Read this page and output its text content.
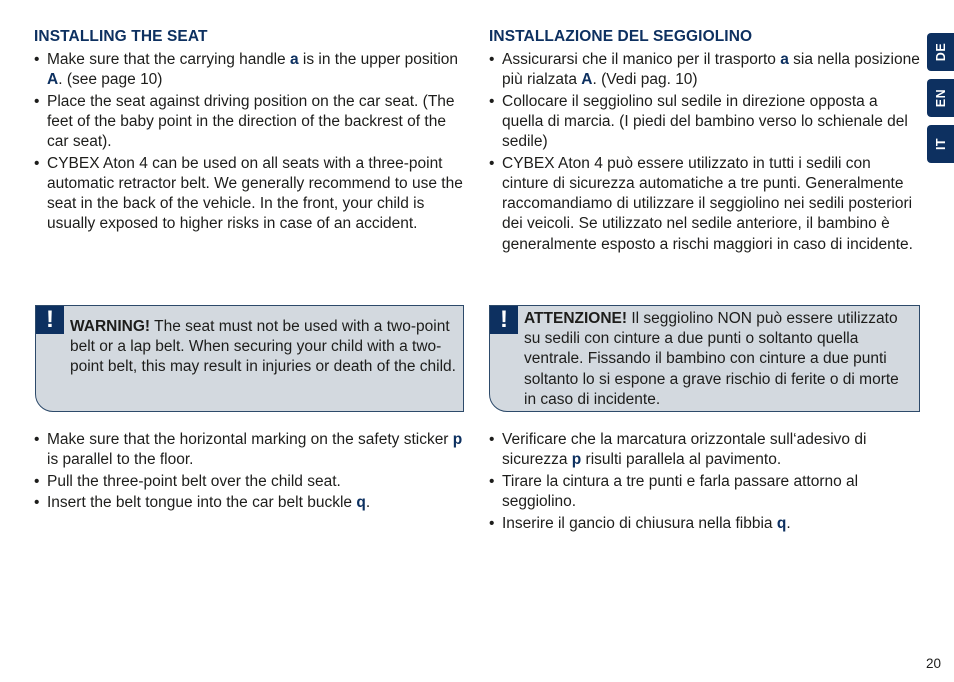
INSTALLING THE SEAT
• Make sure that the carrying handle a is in the upper position A. (see page 10)
• Place the seat against driving position on the car seat. (The feet of the baby point in the direction of the backrest of the car seat).
• CYBEX Aton 4 can be used on all seats with a three-point automatic retractor belt. We generally recommend to use the seat in the back of the vehicle. In the front, your child is usually exposed to higher risks in case of an accident.
!	WARNING! The seat must not be used with a two-point belt or a lap belt. When securing your child with a two-point belt, this may result in injuries or death of the child.
• Make sure that the horizontal marking on the safety sticker p is parallel to the floor.
• Pull the three-point belt over the child seat.
• Insert the belt tongue into the car belt buckle q.
INSTALLAZIONE DEL SEGGIOLINO
• Assicurarsi che il manico per il trasporto a sia nella posizione più rialzata A. (Vedi pag. 10)
• Collocare il seggiolino sul sedile in direzione opposta a quella di marcia. (I piedi del bambino verso lo schienale del sedile)
• CYBEX Aton 4 può essere utilizzato in tutti i sedili con cinture di sicurezza automatiche a tre punti. Generalmente raccomandiamo di utilizzare il seggiolino nei sedili posteriori dei veicoli. Se utilizzato nel sedile anteriore, il bambino è generalmente esposto a rischi maggiori in caso di incidente.
!	ATTENZIONE! Il seggiolino NON può essere utilizzato su sedili con cinture a due punti o soltanto quella ventrale. Fissando il bambino con cinture a due punti soltanto lo si espone a grave rischio di ferite o di morte in caso di incidente.
• Verificare che la marcatura orizzontale sull‘adesivo di sicurezza p risulti parallela al pavimento.
• Tirare la cintura a tre punti e farla passare attorno al seggiolino.
• Inserire il gancio di chiusura nella fibbia q.
DE
EN
IT
20
